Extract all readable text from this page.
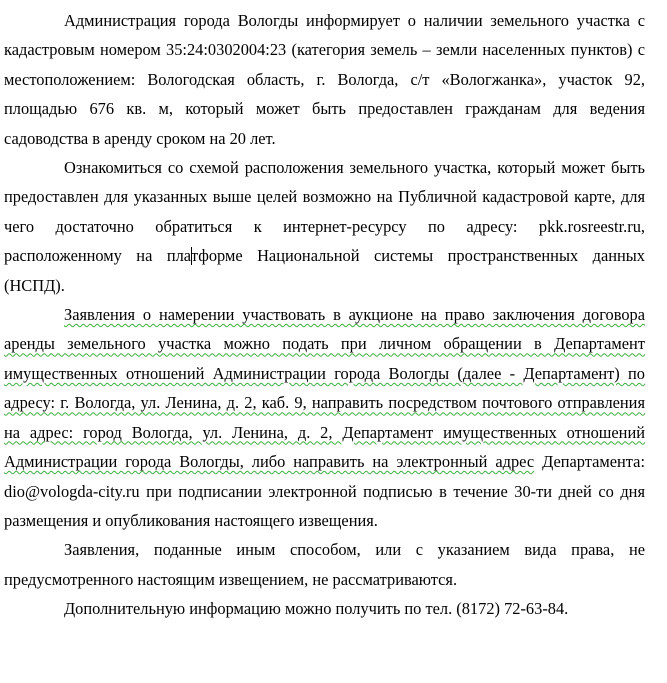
Администрация города Вологды информирует о наличии земельного участка с кадастровым номером 35:24:0302004:23 (категория земель – земли населенных пунктов) с местоположением: Вологодская область, г. Вологда, с/т «Вологжанка», участок 92, площадью 676 кв. м, который может быть предоставлен гражданам для ведения садоводства в аренду сроком на 20 лет.

Ознакомиться со схемой расположения земельного участка, который может быть предоставлен для указанных выше целей возможно на Публичной кадастровой карте, для чего достаточно обратиться к интернет-ресурсу по адресу: pkk.rosreestr.ru, расположенному на платформе Национальной системы пространственных данных (НСПД).

Заявления о намерении участвовать в аукционе на право заключения договора аренды земельного участка можно подать при личном обращении в Департамент имущественных отношений Администрации города Вологды (далее - Департамент) по адресу: г. Вологда, ул. Ленина, д. 2, каб. 9, направить посредством почтового отправления на адрес: город Вологда, ул. Ленина, д. 2, Департамент имущественных отношений Администрации города Вологды, либо направить на электронный адрес Департамента: dio@vologda-city.ru при подписании электронной подписью в течение 30-ти дней со дня размещения и опубликования настоящего извещения.

Заявления, поданные иным способом, или с указанием вида права, не предусмотренного настоящим извещением, не рассматриваются.

Дополнительную информацию можно получить по тел. (8172) 72-63-84.
